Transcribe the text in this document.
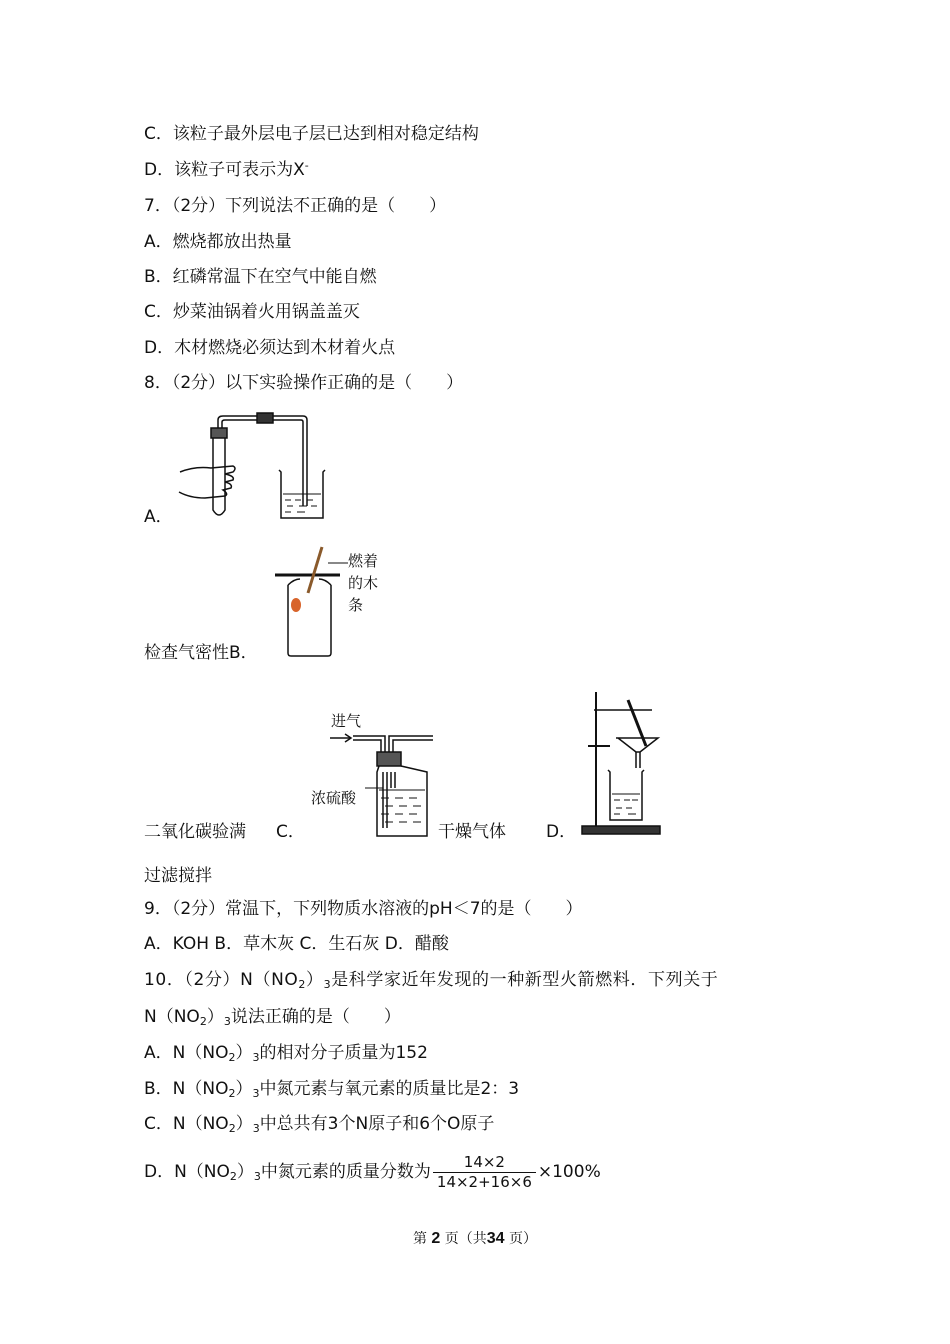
C．该粒子最外层电子层已达到相对稳定结构
D．该粒子可表示为X-
7．（2分）下列说法不正确的是（　　）
A．燃烧都放出热量
B．红磷常温下在空气中能自燃
C．炒菜油锅着火用锅盖盖灭
D．木材燃烧必须达到木材着火点
8．（2分）以下实验操作正确的是（　　）
A．
燃着
的木
条
检查气密性B．
进气
浓硫酸
二氧化碳验满 C．	干燥气体 D．
过滤搅拌
9．（2分）常温下，下列物质水溶液的pH＜7的是（　　）
A．KOH B．草木灰 C．生石灰 D．醋酸
10．（2分）$N(NO_2)_3$是科学家近年发现的一种新型火箭燃料．下列关于
$N(NO_2)_3$说法正确的是（　　）
A．$N(NO_2)_3$的相对分子质量为152
B．$N(NO_2)_3$中氮元素与氧元素的质量比是2：3
C．$N(NO_2)_3$中总共有3个N原子和6个O原子
D．$N(NO_2)_3$中氮元素的质量分数为 $\frac{14\times 2}{14\times 2+16\times 6} \times 100\%$
第 2 页（共34 页）
